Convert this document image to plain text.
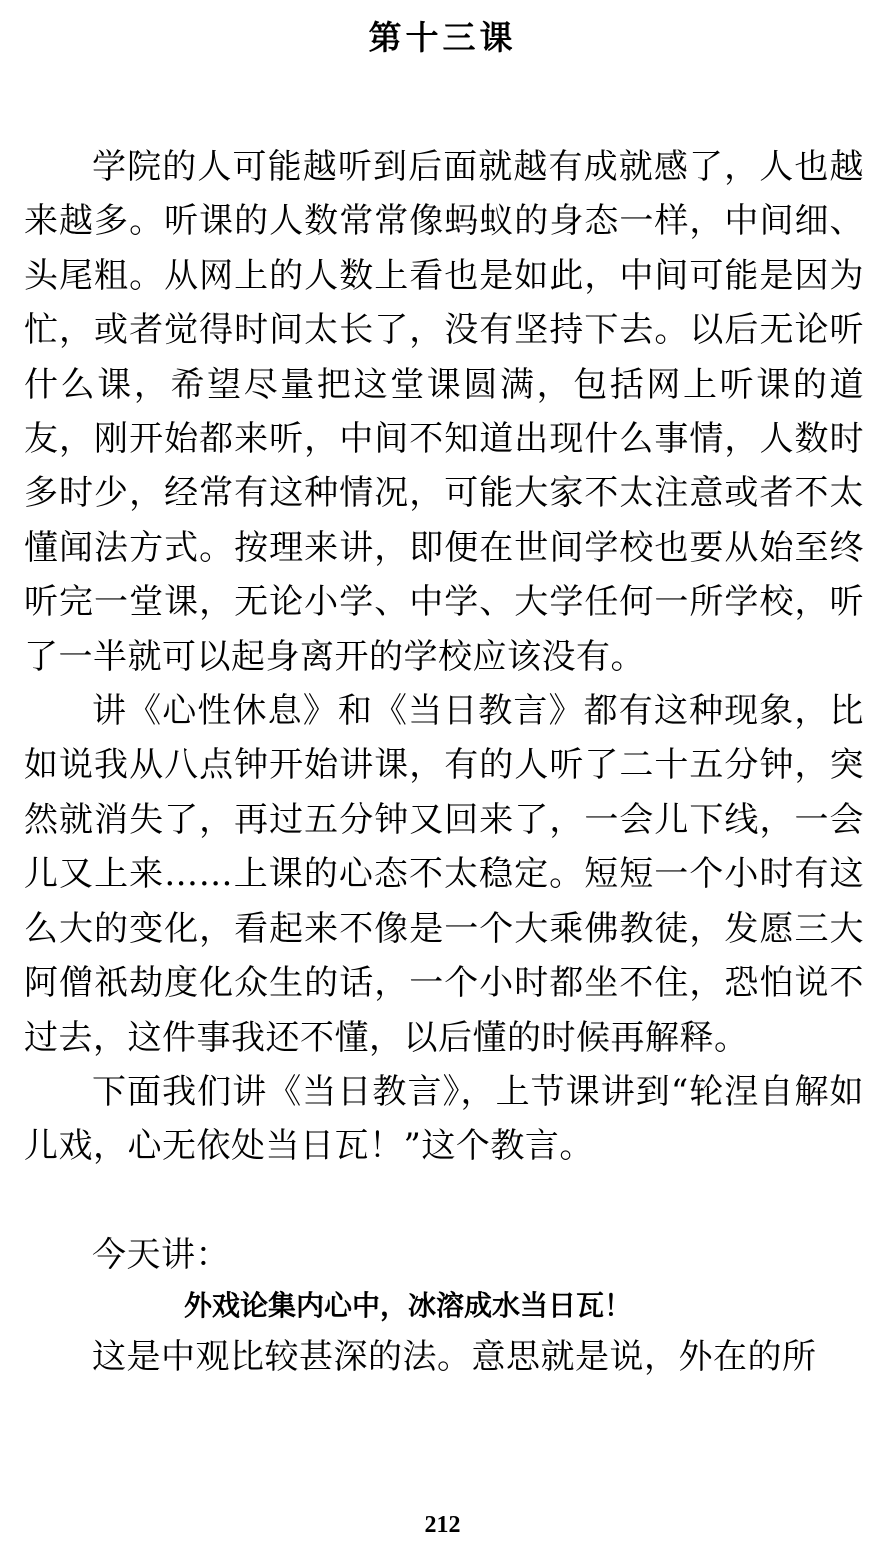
第十三课

学院的人可能越听到后面就越有成就感了，人也越来越多。听课的人数常常像蚂蚁的身态一样，中间细、头尾粗。从网上的人数上看也是如此，中间可能是因为忙，或者觉得时间太长了，没有坚持下去。以后无论听什么课，希望尽量把这堂课圆满，包括网上听课的道友，刚开始都来听，中间不知道出现什么事情，人数时多时少，经常有这种情况，可能大家不太注意或者不太懂闻法方式。按理来讲，即便在世间学校也要从始至终听完一堂课，无论小学、中学、大学任何一所学校，听了一半就可以起身离开的学校应该没有。

讲《心性休息》和《当日教言》都有这种现象，比如说我从八点钟开始讲课，有的人听了二十五分钟，突然就消失了，再过五分钟又回来了，一会儿下线，一会儿又上来……上课的心态不太稳定。短短一个小时有这么大的变化，看起来不像是一个大乘佛教徒，发愿三大阿僧祇劫度化众生的话，一个小时都坐不住，恐怕说不过去，这件事我还不懂，以后懂的时候再解释。

下面我们讲《当日教言》，上节课讲到“轮涅自解如儿戏，心无依处当日瓦！”这个教言。

今天讲：

外戏论集内心中，冰溶成水当日瓦！

这是中观比较甚深的法。意思就是说，外在的所

212
